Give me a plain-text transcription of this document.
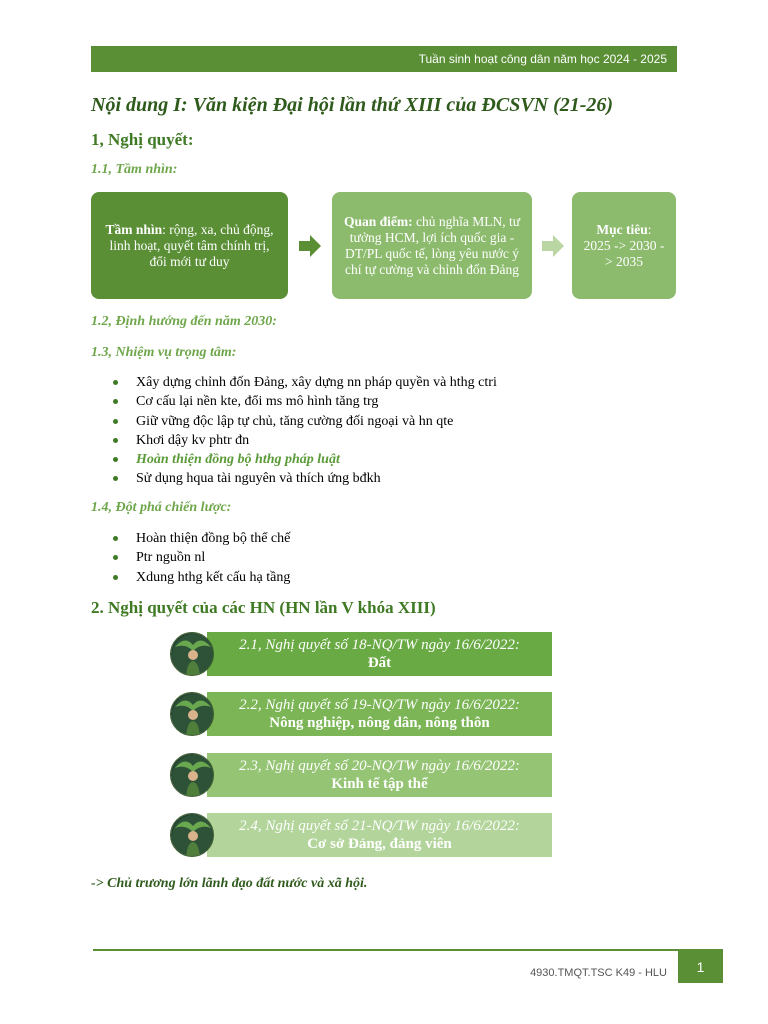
Tuần sinh hoạt công dân năm học 2024 - 2025
Nội dung I: Văn kiện Đại hội lần thứ XIII của ĐCSVN (21-26)
1, Nghị quyết:
1.1, Tầm nhìn:
Tầm nhìn: rộng, xa, chủ động, linh hoạt, quyết tâm chính trị, đổi mới tư duy
Quan điểm: chủ nghĩa MLN, tư tưởng HCM, lợi ích quốc gia - DT/PL quốc tế, lòng yêu nước ý chí tự cường và chỉnh đốn Đảng
Mục tiêu: 2025 -> 2030 -> 2035
1.2, Định hướng đến năm 2030:
1.3, Nhiệm vụ trọng tâm:
Xây dựng chỉnh đốn Đảng, xây dựng nn pháp quyền và hthg ctri
Cơ cấu lại nền kte, đổi ms mô hình tăng trg
Giữ vững độc lập tự chủ, tăng cường đối ngoại và hn qte
Khơi dậy kv phtr đn
Hoàn thiện đồng bộ hthg pháp luật
Sử dụng hqua tài nguyên và thích ứng bđkh
1.4, Đột phá chiến lược:
Hoàn thiện đồng bộ thể chế
Ptr nguồn nl
Xdung hthg kết cấu hạ tầng
2. Nghị quyết của các HN (HN lần V khóa XIII)
2.1, Nghị quyết số 18-NQ/TW ngày 16/6/2022:
Đất
2.2, Nghị quyết số 19-NQ/TW ngày 16/6/2022:
Nông nghiệp, nông dân, nông thôn
2.3, Nghị quyết số 20-NQ/TW ngày 16/6/2022:
Kinh tế tập thể
2.4, Nghị quyết số 21-NQ/TW ngày 16/6/2022:
Cơ sở Đảng, đảng viên

-> Chủ trương lớn lãnh đạo đất nước và xã hội.

4930.TMQT.TSC K49 - HLU 1
